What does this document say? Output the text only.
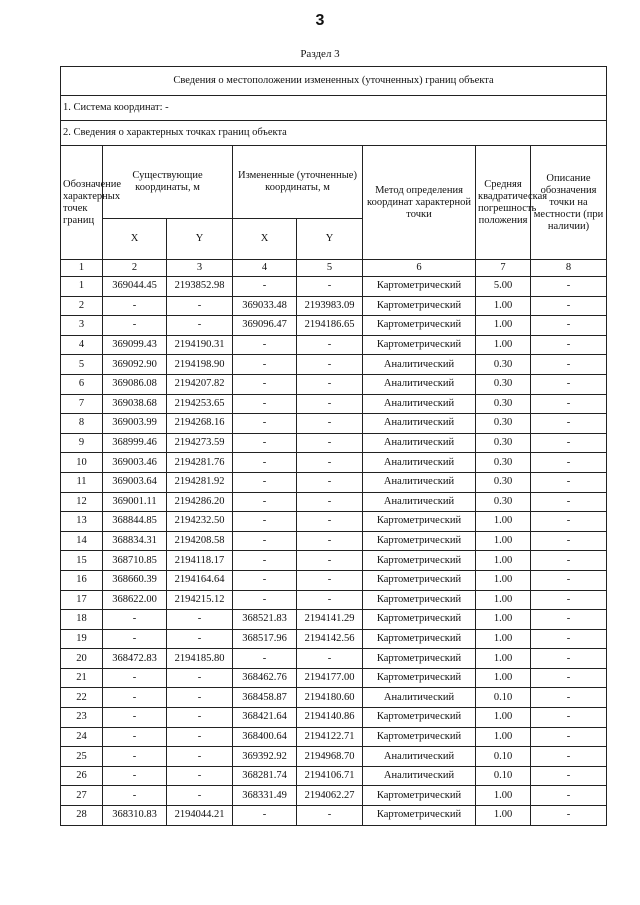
3
Раздел 3
Сведения о местоположении измененных (уточненных) границ объекта							
1. Система координат: -							
2. Сведения о характерных точках границ объекта							
Обозначение характерных точек границ	Существующие координаты, м		Измененные (уточненные) координаты, м		Метод определения координат характерной точки	Средняя квадратическая погрешность положения	Описание обозначения точки на местности (при наличии)
	X	Y	X	Y			
1	2	3	4	5	6	7	8
1	369044.45	2193852.98	-	-	Картометрический	5.00	-
2	-	-	369033.48	2193983.09	Картометрический	1.00	-
3	-	-	369096.47	2194186.65	Картометрический	1.00	-
4	369099.43	2194190.31	-	-	Картометрический	1.00	-
5	369092.90	2194198.90	-	-	Аналитический	0.30	-
6	369086.08	2194207.82	-	-	Аналитический	0.30	-
7	369038.68	2194253.65	-	-	Аналитический	0.30	-
8	369003.99	2194268.16	-	-	Аналитический	0.30	-
9	368999.46	2194273.59	-	-	Аналитический	0.30	-
10	369003.46	2194281.76	-	-	Аналитический	0.30	-
11	369003.64	2194281.92	-	-	Аналитический	0.30	-
12	369001.11	2194286.20	-	-	Аналитический	0.30	-
13	368844.85	2194232.50	-	-	Картометрический	1.00	-
14	368834.31	2194208.58	-	-	Картометрический	1.00	-
15	368710.85	2194118.17	-	-	Картометрический	1.00	-
16	368660.39	2194164.64	-	-	Картометрический	1.00	-
17	368622.00	2194215.12	-	-	Картометрический	1.00	-
18	-	-	368521.83	2194141.29	Картометрический	1.00	-
19	-	-	368517.96	2194142.56	Картометрический	1.00	-
20	368472.83	2194185.80	-	-	Картометрический	1.00	-
21	-	-	368462.76	2194177.00	Картометрический	1.00	-
22	-	-	368458.87	2194180.60	Аналитический	0.10	-
23	-	-	368421.64	2194140.86	Картометрический	1.00	-
24	-	-	368400.64	2194122.71	Картометрический	1.00	-
25	-	-	369392.92	2194968.70	Аналитический	0.10	-
26	-	-	368281.74	2194106.71	Аналитический	0.10	-
27	-	-	368331.49	2194062.27	Картометрический	1.00	-
28	368310.83	2194044.21	-	-	Картометрический	1.00	-
